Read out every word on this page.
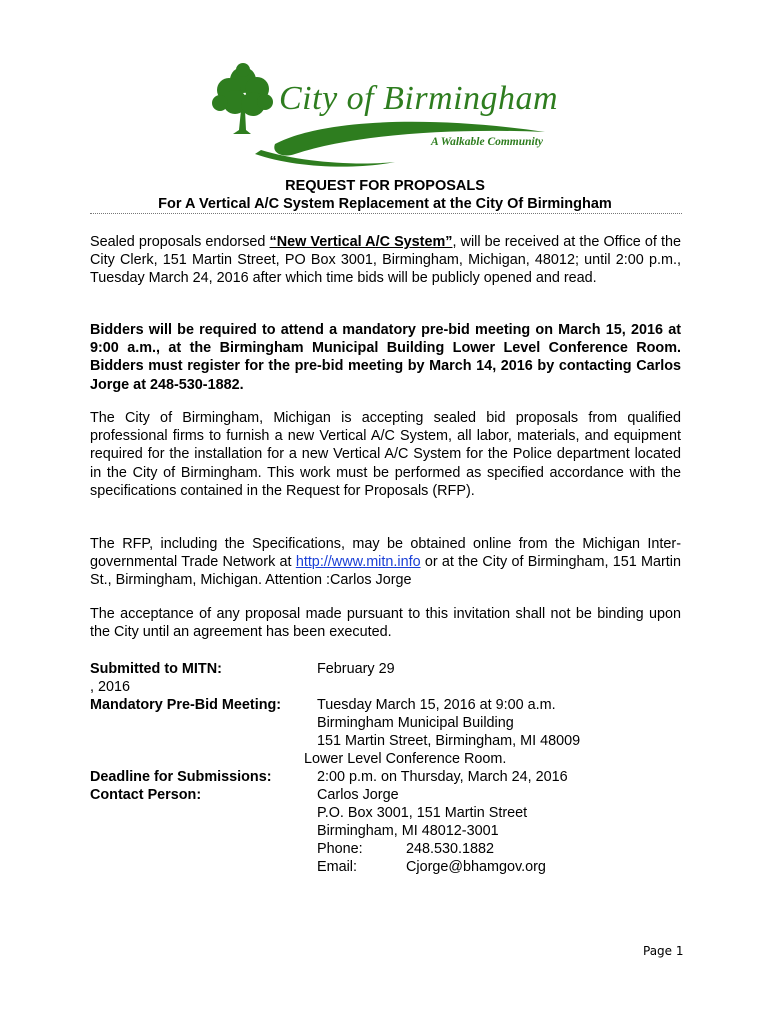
City of Birmingham
A Walkable Community
REQUEST FOR PROPOSALS
For A Vertical A/C System Replacement at the City Of Birmingham
Sealed proposals endorsed “New Vertical A/C System”, will be received at the Office of the City Clerk, 151 Martin Street, PO Box 3001, Birmingham, Michigan, 48012; until 2:00 p.m., Tuesday March 24, 2016 after which time bids will be publicly opened and read.
Bidders will be required to attend a mandatory pre-bid meeting on March 15, 2016 at 9:00 a.m., at the Birmingham Municipal Building Lower Level Conference Room. Bidders must register for the pre-bid meeting by March 14, 2016 by contacting Carlos Jorge at 248-530-1882.
The City of Birmingham, Michigan is accepting sealed bid proposals from qualified professional firms to furnish a new Vertical A/C System, all labor, materials, and equipment required for the installation for a new Vertical A/C System for the Police department located in the City of Birmingham. This work must be performed as specified accordance with the specifications contained in the Request for Proposals (RFP).
The RFP, including the Specifications, may be obtained online from the Michigan Inter-governmental Trade Network at http://www.mitn.info or at the City of Birmingham, 151 Martin St., Birmingham, Michigan. Attention :Carlos Jorge
The acceptance of any proposal made pursuant to this invitation shall not be binding upon the City until an agreement has been executed.
Submitted to MITN:	February 29
, 2016
Mandatory Pre-Bid Meeting: Tuesday March 15, 2016 at 9:00 a.m.
Birmingham Municipal Building
151 Martin Street, Birmingham, MI 48009
Lower Level Conference Room.
Deadline for Submissions:	2:00 p.m. on Thursday, March 24, 2016
Contact Person:	Carlos Jorge
P.O. Box 3001, 151 Martin Street
Birmingham, MI 48012-3001
Phone:	248.530.1882
Email:	Cjorge@bhamgov.org
Page 1
